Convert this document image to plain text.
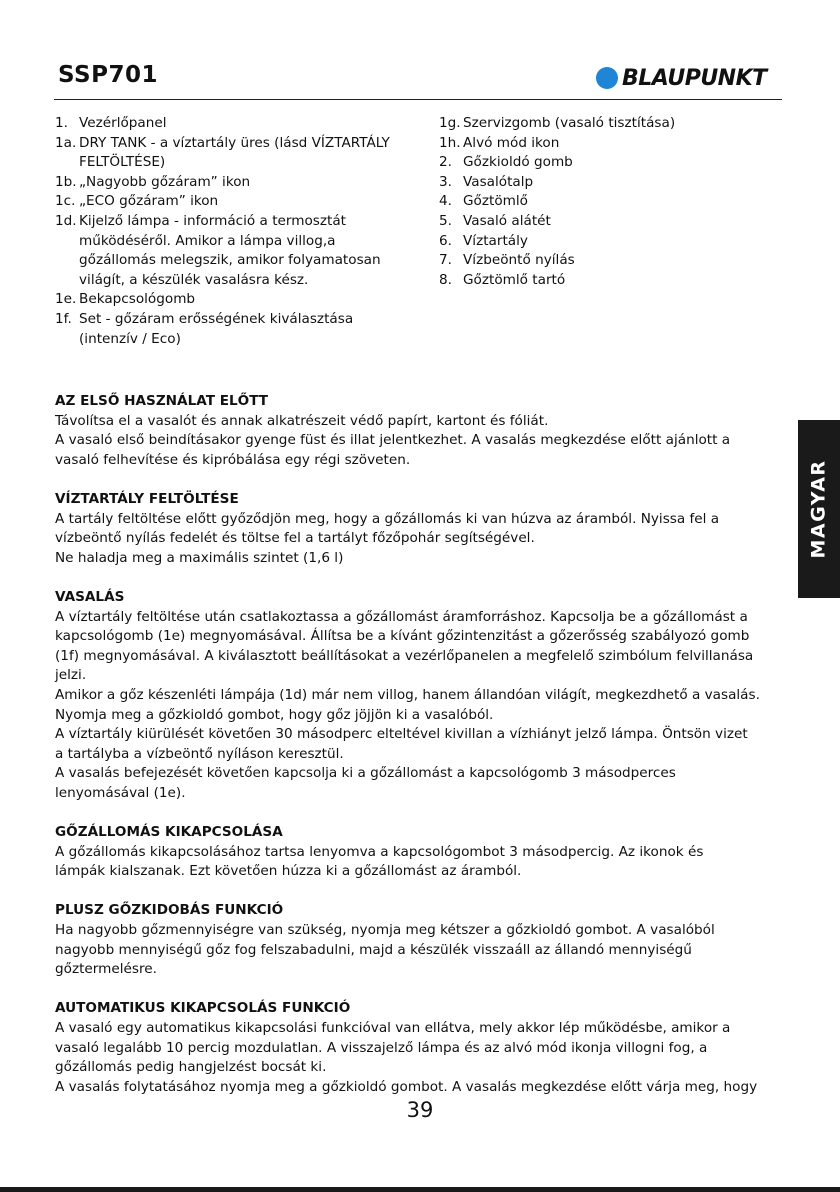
SSP701	BLAUPUNKT
1. Vezérlőpanel
1a. DRY TANK - a víztartály üres (lásd VÍZTARTÁLY
FELTÖLTÉSE)
1b. „Nagyobb gőzáram” ikon
1c. „ECO gőzáram” ikon
1d. Kijelző lámpa - információ a termosztát
működéséről. Amikor a lámpa villog,a
gőzállomás melegszik, amikor folyamatosan
világít, a készülék vasalásra kész.
1e. Bekapcsológomb
1f. Set - gőzáram erősségének kiválasztása
(intenzív / Eco)
1g. Szervizgomb (vasaló tisztítása)
1h. Alvó mód ikon
2. Gőzkioldó gomb
3. Vasalótalp
4. Gőztömlő
5. Vasaló alátét
6. Víztartály
7. Vízbeöntő nyílás
8. Gőztömlő tartó
AZ ELSŐ HASZNÁLAT ELŐTT
Távolítsa el a vasalót és annak alkatrészeit védő papírt, kartont és fóliát.
A vasaló első beindításakor gyenge füst és illat jelentkezhet. A vasalás megkezdése előtt ajánlott a
vasaló felhevítése és kipróbálása egy régi szöveten.
VÍZTARTÁLY FELTÖLTÉSE
A tartály feltöltése előtt győződjön meg, hogy a gőzállomás ki van húzva az áramból. Nyissa fel a
vízbeöntő nyílás fedelét és töltse fel a tartályt főzőpohár segítségével.
Ne haladja meg a maximális szintet (1,6 l)
VASALÁS
A víztartály feltöltése után csatlakoztassa a gőzállomást áramforráshoz. Kapcsolja be a gőzállomást a
kapcsológomb (1e) megnyomásával. Állítsa be a kívánt gőzintenzitást a gőzerősség szabályozó gomb
(1f) megnyomásával. A kiválasztott beállításokat a vezérlőpanelen a megfelelő szimbólum felvillanása
jelzi.
Amikor a gőz készenléti lámpája (1d) már nem villog, hanem állandóan világít, megkezdhető a vasalás.
Nyomja meg a gőzkioldó gombot, hogy gőz jöjjön ki a vasalóból.
A víztartály kiürülését követően 30 másodperc elteltével kivillan a vízhiányt jelző lámpa. Öntsön vizet
a tartályba a vízbeöntő nyíláson keresztül.
A vasalás befejezését követően kapcsolja ki a gőzállomást a kapcsológomb 3 másodperces
lenyomásával (1e).
GŐZÁLLOMÁS KIKAPCSOLÁSA
A gőzállomás kikapcsolásához tartsa lenyomva a kapcsológombot 3 másodpercig. Az ikonok és
lámpák kialszanak. Ezt követően húzza ki a gőzállomást az áramból.
PLUSZ GŐZKIDOBÁS FUNKCIÓ
Ha nagyobb gőzmennyiségre van szükség, nyomja meg kétszer a gőzkioldó gombot. A vasalóból
nagyobb mennyiségű gőz fog felszabadulni, majd a készülék visszaáll az állandó mennyiségű
gőztermelésre.
AUTOMATIKUS KIKAPCSOLÁS FUNKCIÓ
A vasaló egy automatikus kikapcsolási funkcióval van ellátva, mely akkor lép működésbe, amikor a
vasaló legalább 10 percig mozdulatlan. A visszajelző lámpa és az alvó mód ikonja villogni fog, a
gőzállomás pedig hangjelzést bocsát ki.
A vasalás folytatásához nyomja meg a gőzkioldó gombot. A vasalás megkezdése előtt várja meg, hogy
MAGYAR
39
